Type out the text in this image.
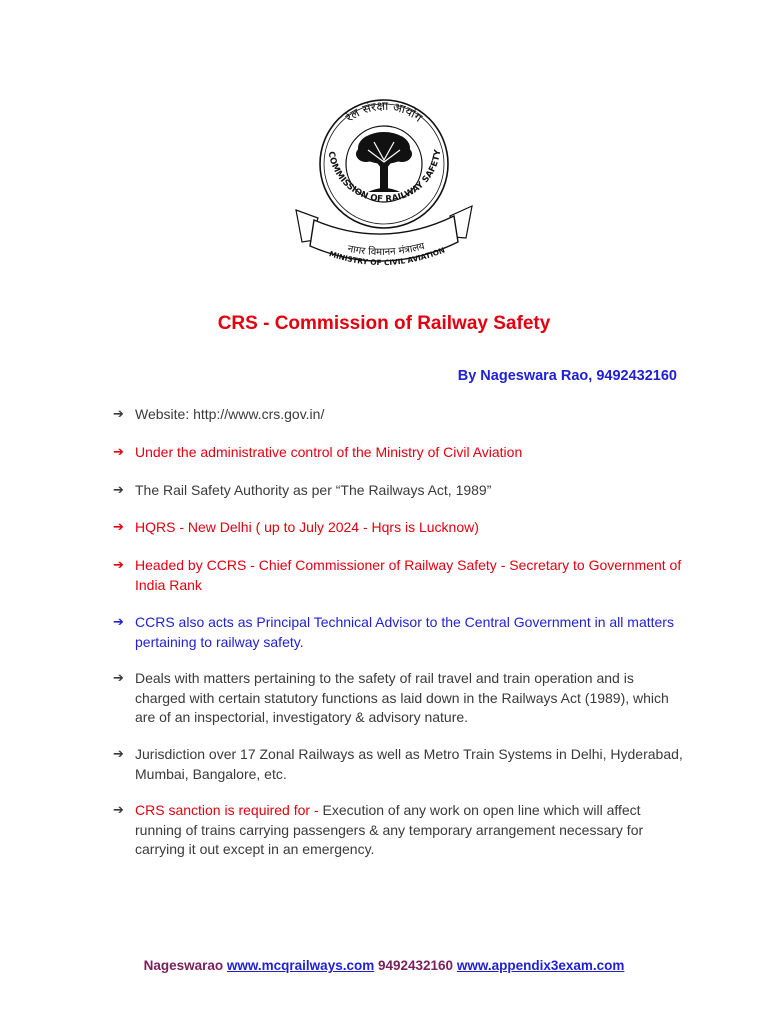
रेल संरक्षा आयोग
COMMISSION OF RAILWAY SAFETY
नागर विमानन मंत्रालय
MINISTRY OF CIVIL AVIATION
CRS - Commission of Railway Safety

By Nageswara Rao, 9492432160

➔ Website: http://www.crs.gov.in/
➔ Under the administrative control of the Ministry of Civil Aviation
➔ The Rail Safety Authority as per “The Railways Act, 1989”
➔ HQRS - New Delhi ( up to July 2024 - Hqrs is Lucknow)
➔ Headed by CCRS - Chief Commissioner of Railway Safety - Secretary to Government of India Rank
➔ CCRS also acts as Principal Technical Advisor to the Central Government in all matters pertaining to railway safety.
➔ Deals with matters pertaining to the safety of rail travel and train operation and is charged with certain statutory functions as laid down in the Railways Act (1989), which are of an inspectorial, investigatory & advisory nature.
➔ Jurisdiction over 17 Zonal Railways as well as Metro Train Systems in Delhi, Hyderabad, Mumbai, Bangalore, etc.
➔ CRS sanction is required for - Execution of any work on open line which will affect running of trains carrying passengers & any temporary arrangement necessary for carrying it out except in an emergency.

Nageswarao www.mcqrailways.com 9492432160 www.appendix3exam.com
